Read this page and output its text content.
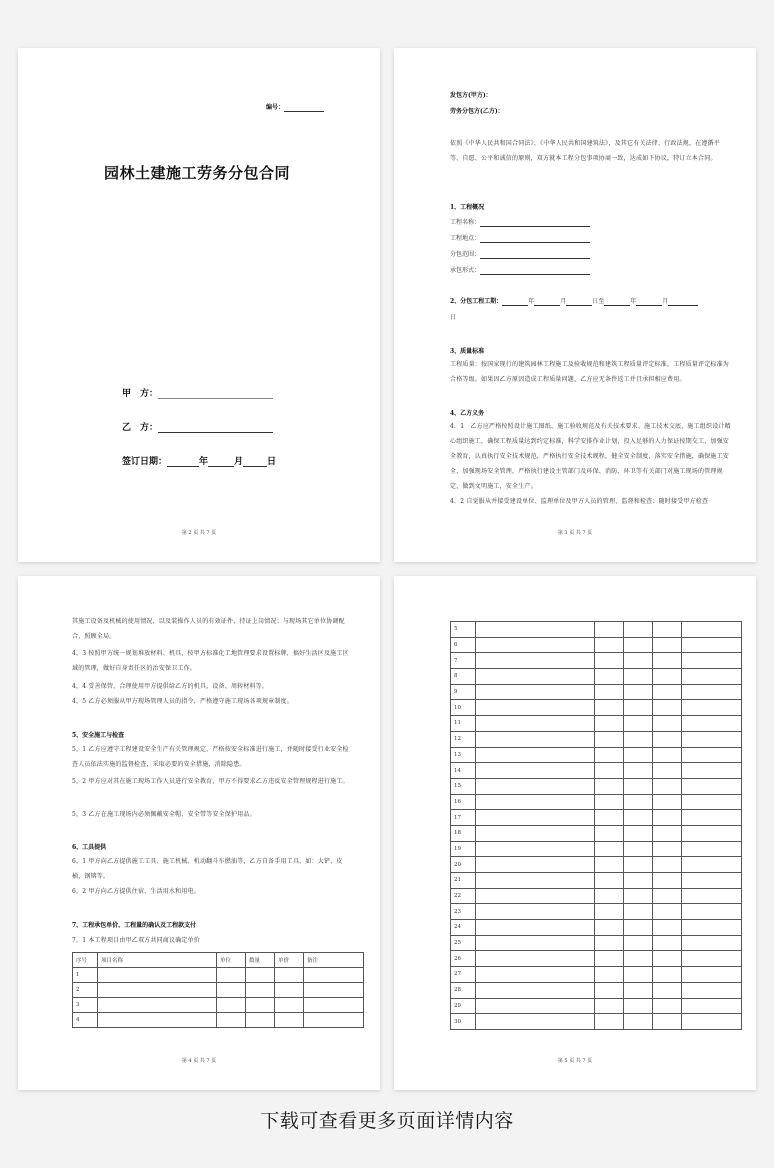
编号：
园林土建施工劳务分包合同
甲　方：
乙　方：
签订日期：	年	月	日
第 2 页 共 7 页
发包方(甲方)：
劳务分包方(乙方)：
依照《中华人民共和国合同法》、《中华人民共和国建筑法》，及其它有关法律、行政法规，在遵循平等、自愿、公平和诚信的原则，双方就本工程分包事项协商一致，达成如下协议，特订立本合同。
1、工程概况
工程名称：
工程地点：
分包范围：
承包形式：
2、分包工程工期：	年	月	日至	年	月
日
3、质量标准
工程质量：按国家现行的建筑园林工程施工及验收规范和建筑工程质量评定标准，工程质量评定标准为合格等级。如果因乙方原因造成工程质量问题，乙方应无条件返工并且承担相应费用。
4、乙方义务
4．1　乙方应严格按照设计施工图纸、施工验收规范及有关技术要求、施工技术交底、施工组织设计精心组织施工，确保工程质量达到约定标准，科学安排作业计划，投入足够的人力保证按期交工，加强安全教育，认真执行安全技术规范，严格执行安全技术规程，健全安全制度，落实安全措施，确保施工安全，加强现场安全管理，严格执行建设主管部门及环保、消防、环卫等有关部门对施工现场的管理规定，做到文明施工，安全生产。
4．2 自觉服从并接受建设单位、监理单位及甲方人员的管理、监督和检查；随时接受甲方检查
第 3 页 共 7 页
其施工设备及机械的使用情况，以及装操作人员的有效证件、持证上岗情况；与现场其它单位协调配合，照顾全局。
4，3 按照甲方统一规划堆放材料、机具，按甲方标准化工地管理要求设置标牌，搞好生活区及施工区域的管理，做好自身责任区的治安保卫工作。
4，4 妥善保管、合理使用甲方提供给乙方的机具、设备、周转材料等。
4，5 乙方必须服从甲方现场管理人员的指令，严格遵守施工现场各项规章制度。
5、安全施工与检查
5，1 乙方应遵守工程建设安全生产有关管理规定，严格按安全标准进行施工，并随时接受行业安全检查人员依法实施的监督检查，采取必要的安全措施，消除隐患。
5，2 甲方应对其在施工现场工作人员进行安全教育，甲方不得要求乙方违反安全管理规程进行施工。
5，3 乙方在施工现场内必须佩戴安全帽、安全带等安全保护用品。
6、工具提供
6，1 甲方向乙方提供施工工具、施工机械、机动翻斗车燃油等，乙方自备手用工具，如：大铲、皮桶、钢锛等。
6，2 甲方向乙方提供住宿、生活用水和用电。
7、工程承包单价、工程量的确认及工程款支付
7，1 本工程项目由甲乙双方共同商议确定单价
序号	项目名称	单位	数量	单价	备注
1					
2					
3					
4					
第 4 页 共 7 页
5					
6					
7					
8					
9					
10					
11					
12					
13					
14					
15					
16					
17					
18					
19					
20					
21					
22					
23					
24					
25					
26					
27					
28					
29					
30					
第 5 页 共 7 页
下载可查看更多页面详情内容
